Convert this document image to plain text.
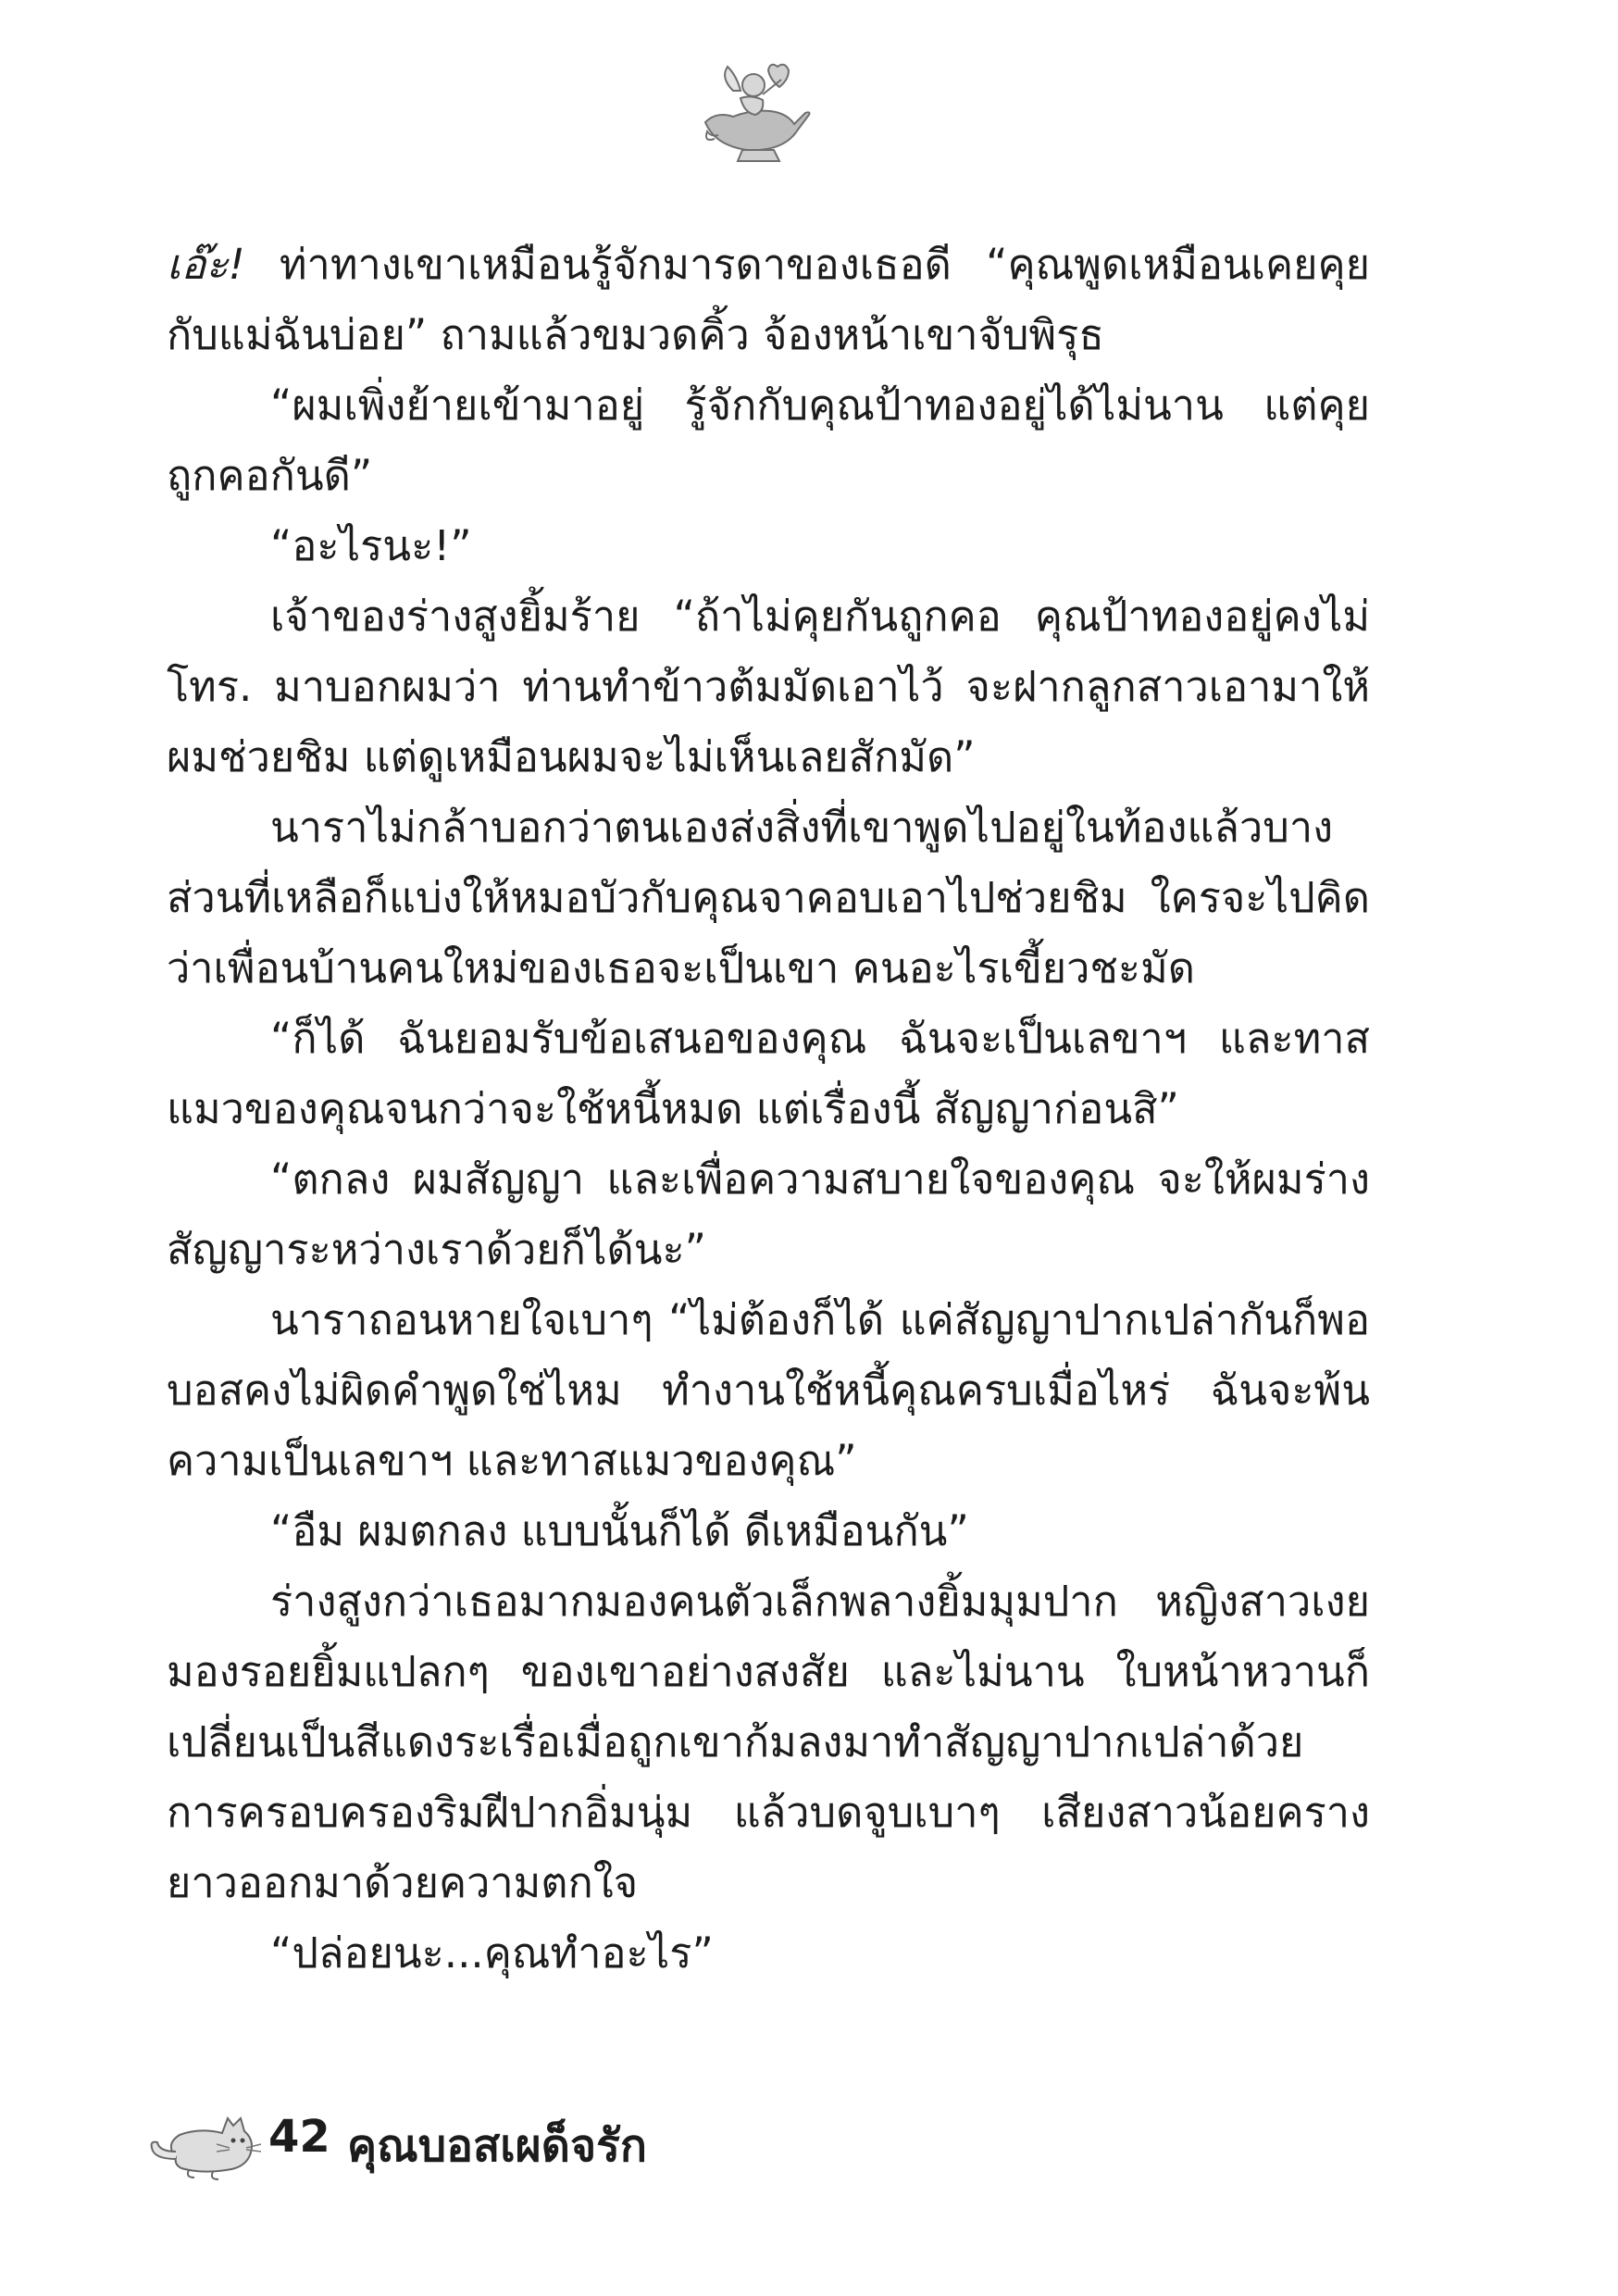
เอ๊ะ! ท่าทางเขาเหมือนรู้จักมารดาของเธอดี “คุณพูดเหมือนเคยคุยกับแม่ฉันบ่อย” ถามแล้วขมวดคิ้ว จ้องหน้าเขาจับพิรุธ

“ผมเพิ่งย้ายเข้ามาอยู่ รู้จักกับคุณป้าทองอยู่ได้ไม่นาน แต่คุยถูกคอกันดี”

“อะไรนะ!”

เจ้าของร่างสูงยิ้มร้าย “ถ้าไม่คุยกันถูกคอ คุณป้าทองอยู่คงไม่โทร. มาบอกผมว่า ท่านทำข้าวต้มมัดเอาไว้ จะฝากลูกสาวเอามาให้ผมช่วยชิม แต่ดูเหมือนผมจะไม่เห็นเลยสักมัด”

นาราไม่กล้าบอกว่าตนเองส่งสิ่งที่เขาพูดไปอยู่ในท้องแล้วบางส่วนที่เหลือก็แบ่งให้หมอบัวกับคุณจาคอบเอาไปช่วยชิม ใครจะไปคิดว่าเพื่อนบ้านคนใหม่ของเธอจะเป็นเขา คนอะไรเขี้ยวชะมัด

“ก็ได้ ฉันยอมรับข้อเสนอของคุณ ฉันจะเป็นเลขาฯ และทาสแมวของคุณจนกว่าจะใช้หนี้หมด แต่เรื่องนี้ สัญญาก่อนสิ”

“ตกลง ผมสัญญา และเพื่อความสบายใจของคุณ จะให้ผมร่างสัญญาระหว่างเราด้วยก็ได้นะ”

นาราถอนหายใจเบาๆ “ไม่ต้องก็ได้ แค่สัญญาปากเปล่ากันก็พอบอสคงไม่ผิดคำพูดใช่ไหม ทำงานใช้หนี้คุณครบเมื่อไหร่ ฉันจะพ้นความเป็นเลขาฯ และทาสแมวของคุณ”

“อืม ผมตกลง แบบนั้นก็ได้ ดีเหมือนกัน”

ร่างสูงกว่าเธอมากมองคนตัวเล็กพลางยิ้มมุมปาก หญิงสาวเงยมองรอยยิ้มแปลกๆ ของเขาอย่างสงสัย และไม่นาน ใบหน้าหวานก็เปลี่ยนเป็นสีแดงระเรื่อเมื่อถูกเขาก้มลงมาทำสัญญาปากเปล่าด้วยการครอบครองริมฝีปากอิ่มนุ่ม แล้วบดจูบเบาๆ เสียงสาวน้อยครางยาวออกมาด้วยความตกใจ

“ปล่อยนะ...คุณทำอะไร”

42 คุณบอสเผด็จรัก
